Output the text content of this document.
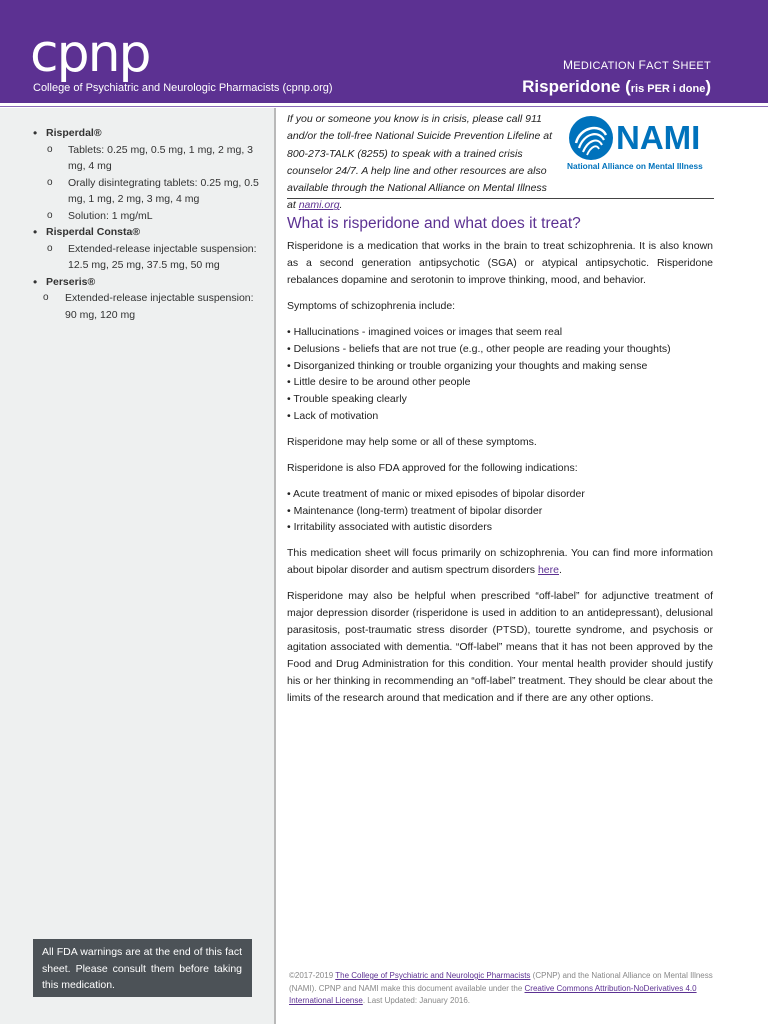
cpnp
College of Psychiatric and Neurologic Pharmacists (cpnp.org)
MEDICATION FACT SHEET
Risperidone (ris PER i done)
• Risperdal®
o Tablets: 0.25 mg, 0.5 mg, 1 mg, 2 mg, 3 mg, 4 mg
o Orally disintegrating tablets: 0.25 mg, 0.5 mg, 1 mg, 2 mg, 3 mg, 4 mg
o Solution: 1 mg/mL
• Risperdal Consta®
o Extended-release injectable suspension: 12.5 mg, 25 mg, 37.5 mg, 50 mg
• Perseris®
o Extended-release injectable suspension: 90 mg, 120 mg
All FDA warnings are at the end of this fact sheet. Please consult them before taking this medication.
If you or someone you know is in crisis, please call 911 and/or the toll-free National Suicide Prevention Lifeline at 800-273-TALK (8255) to speak with a trained crisis counselor 24/7. A help line and other resources are also available through the National Alliance on Mental Illness at nami.org.
NAMI
National Alliance on Mental Illness
What is risperidone and what does it treat?

Risperidone is a medication that works in the brain to treat schizophrenia. It is also known as a second generation antipsychotic (SGA) or atypical antipsychotic. Risperidone rebalances dopamine and serotonin to improve thinking, mood, and behavior.

Symptoms of schizophrenia include:

• Hallucinations - imagined voices or images that seem real
• Delusions - beliefs that are not true (e.g., other people are reading your thoughts)
• Disorganized thinking or trouble organizing your thoughts and making sense
• Little desire to be around other people
• Trouble speaking clearly
• Lack of motivation

Risperidone may help some or all of these symptoms.

Risperidone is also FDA approved for the following indications:

• Acute treatment of manic or mixed episodes of bipolar disorder
• Maintenance (long-term) treatment of bipolar disorder
• Irritability associated with autistic disorders

This medication sheet will focus primarily on schizophrenia. You can find more information about bipolar disorder and autism spectrum disorders here.

Risperidone may also be helpful when prescribed “off-label” for adjunctive treatment of major depression disorder (risperidone is used in addition to an antidepressant), delusional parasitosis, post-traumatic stress disorder (PTSD), tourette syndrome, and psychosis or agitation associated with dementia. “Off-label” means that it has not been approved by the Food and Drug Administration for this condition. Your mental health provider should justify his or her thinking in recommending an “off-label” treatment. They should be clear about the limits of the research around that medication and if there are any other options.

©2017-2019 The College of Psychiatric and Neurologic Pharmacists (CPNP) and the National Alliance on Mental Illness (NAMI). CPNP and NAMI make this document available under the Creative Commons Attribution-NoDerivatives 4.0 International License. Last Updated: January 2016.
